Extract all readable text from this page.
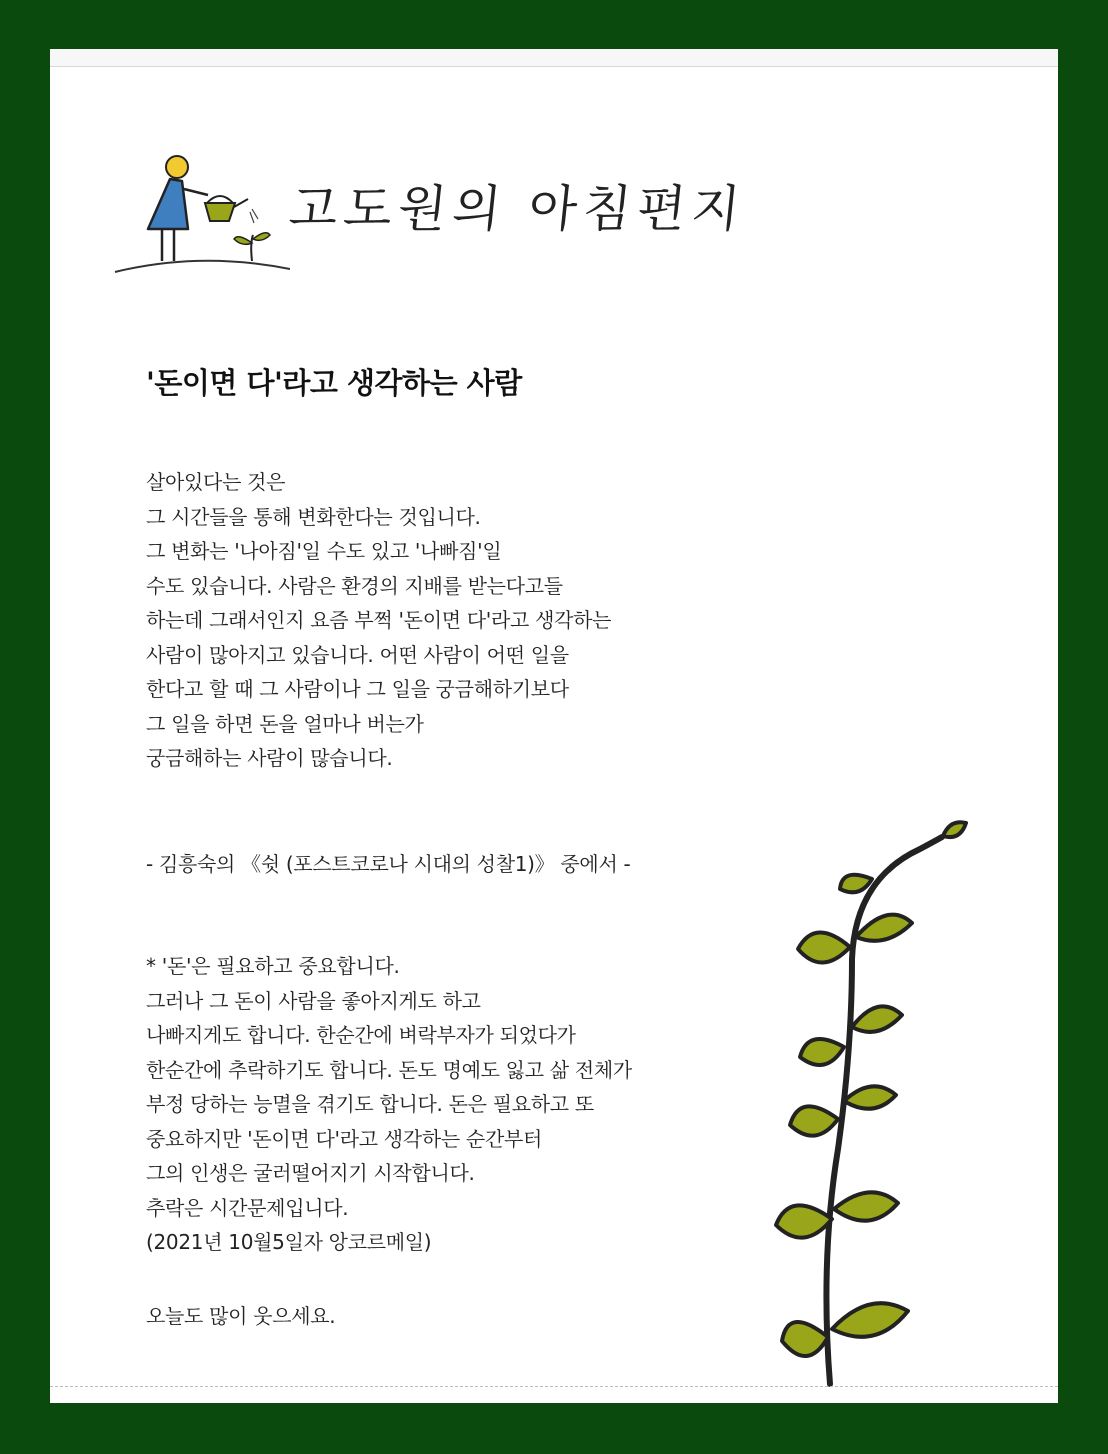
고도원의 아침편지
'돈이면 다'라고 생각하는 사람

살아있다는 것은
그 시간들을 통해 변화한다는 것입니다.
그 변화는 '나아짐'일 수도 있고 '나빠짐'일
수도 있습니다. 사람은 환경의 지배를 받는다고들
하는데 그래서인지 요즘 부쩍 '돈이면 다'라고 생각하는
사람이 많아지고 있습니다. 어떤 사람이 어떤 일을
한다고 할 때 그 사람이나 그 일을 궁금해하기보다
그 일을 하면 돈을 얼마나 버는가
궁금해하는 사람이 많습니다.

- 김흥숙의 《쉿 (포스트코로나 시대의 성찰1)》 중에서 -

* '돈'은 필요하고 중요합니다.
그러나 그 돈이 사람을 좋아지게도 하고
나빠지게도 합니다. 한순간에 벼락부자가 되었다가
한순간에 추락하기도 합니다. 돈도 명예도 잃고 삶 전체가
부정 당하는 능멸을 겪기도 합니다. 돈은 필요하고 또
중요하지만 '돈이면 다'라고 생각하는 순간부터
그의 인생은 굴러떨어지기 시작합니다.
추락은 시간문제입니다.
(2021년 10월5일자 앙코르메일)

오늘도 많이 웃으세요.
